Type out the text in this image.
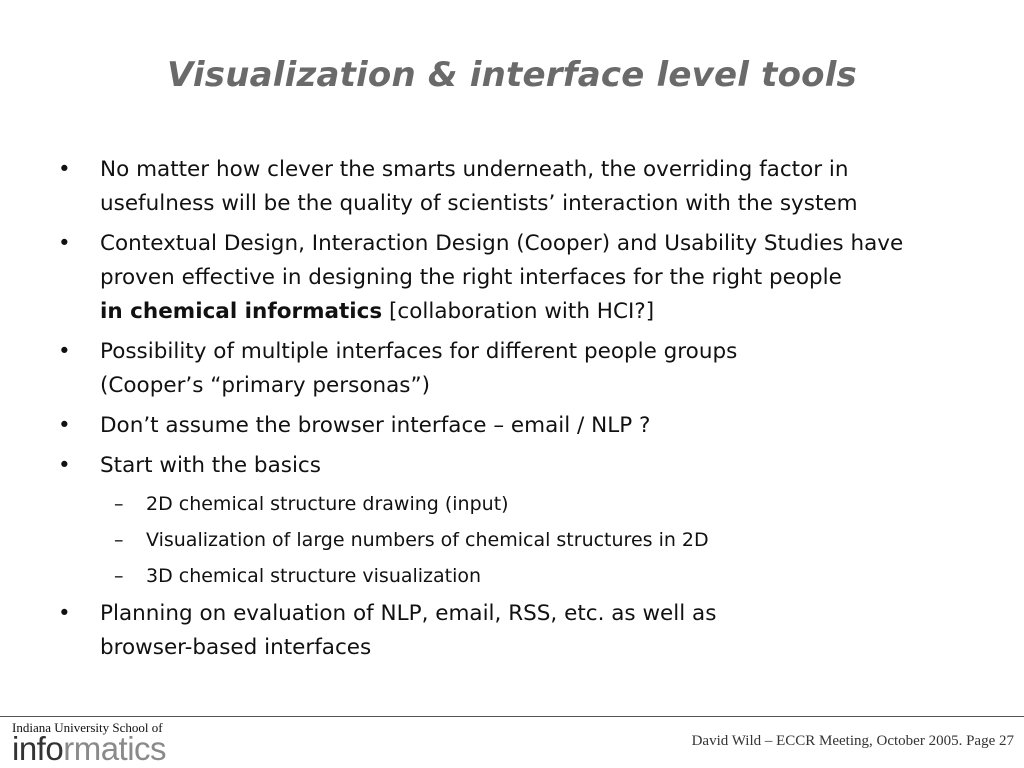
Visualization & interface level tools
• No matter how clever the smarts underneath, the overriding factor in
usefulness will be the quality of scientists’ interaction with the system
• Contextual Design, Interaction Design (Cooper) and Usability Studies have
proven effective in designing the right interfaces for the right people
in chemical informatics [collaboration with HCI?]
• Possibility of multiple interfaces for different people groups
(Cooper’s “primary personas”)
• Don’t assume the browser interface – email / NLP ?
• Start with the basics
– 2D chemical structure drawing (input)
– Visualization of large numbers of chemical structures in 2D
– 3D chemical structure visualization
• Planning on evaluation of NLP, email, RSS, etc. as well as
browser-based interfaces
Indiana University School of
informatics	David Wild – ECCR Meeting, October 2005. Page 27
